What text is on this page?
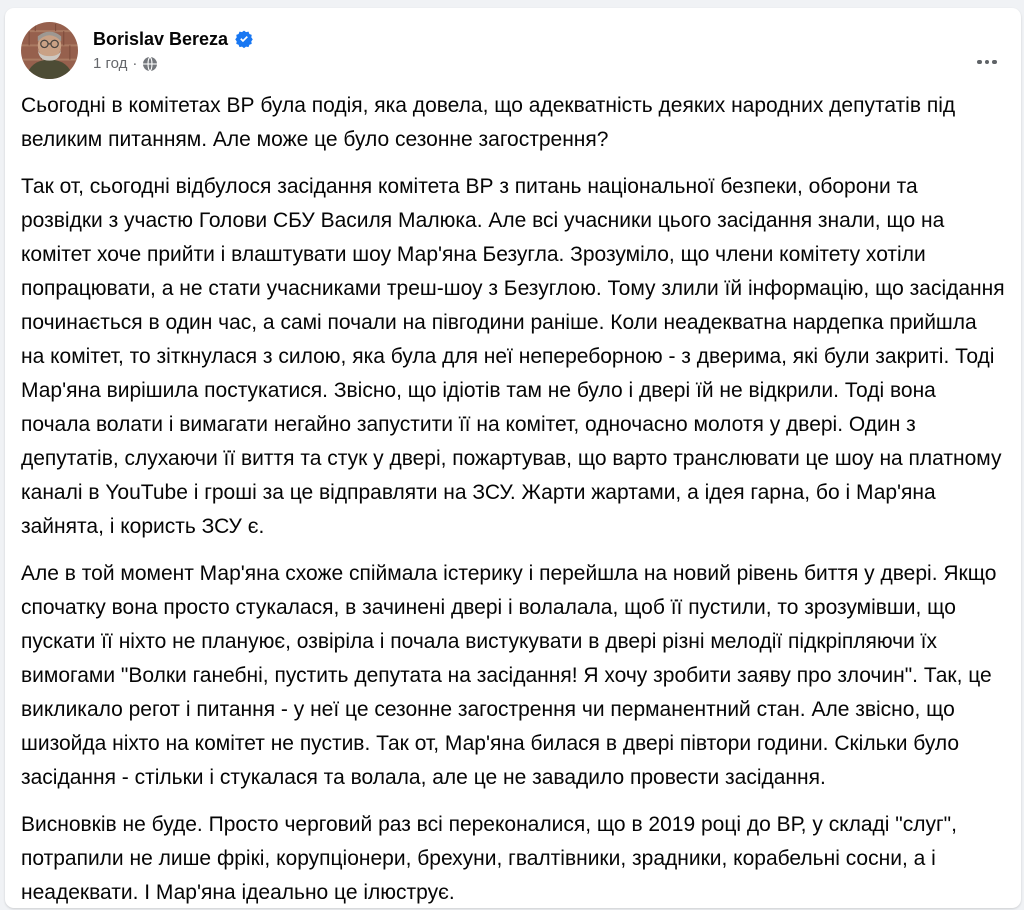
Borislav Bereza
1 год ·

Сьогодні в комітетах ВР була подія, яка довела, що адекватність деяких народних депутатів під великим питанням. Але може це було сезонне загострення?

Так от, сьогодні відбулося засідання комітета ВР з питань національної безпеки, оборони та розвідки з участю Голови СБУ Василя Малюка. Але всі учасники цього засідання знали, що на комітет хоче прийти і влаштувати шоу Мар'яна Безугла. Зрозуміло, що члени комітету хотіли попрацювати, а не стати учасниками треш-шоу з Безуглою. Тому злили їй інформацію, що засідання починається в один час, а самі почали на півгодини раніше. Коли неадекватна нардепка прийшла на комітет, то зіткнулася з силою, яка була для неї непереборною - з дверима, які були закриті. Тоді Мар'яна вирішила постукатися. Звісно, що ідіотів там не було і двері їй не відкрили. Тоді вона почала волати і вимагати негайно запустити її на комітет, одночасно молотя у двері. Один з депутатів, слухаючи її виття та стук у двері, пожартував, що варто транслювати це шоу на платному каналі в YouTube і гроші за це відправляти на ЗСУ. Жарти жартами, а ідея гарна, бо і Мар'яна зайнята, і користь ЗСУ є.

Але в той момент Мар'яна схоже спіймала істерику і перейшла на новий рівень биття у двері. Якщо спочатку вона просто стукалася, в зачинені двері і волалала, щоб її пустили, то зрозумівши, що пускати її ніхто не плануює, озвіріла і почала вистукувати в двері різні мелодії підкріпляючи їх вимогами "Волки ганебні, пустить депутата на засідання! Я хочу зробити заяву про злочин". Так, це викликало регот і питання - у неї це сезонне загострення чи перманентний стан. Але звісно, що шизойда ніхто на комітет не пустив. Так от, Мар'яна билася в двері півтори години. Скільки було засідання - стільки і стукалася та волала, але це не завадило провести засідання.

Висновків не буде. Просто черговий раз всі переконалися, що в 2019 році до ВР, у складі "слуг", потрапили не лише фрікі, корупціонери, брехуни, гвалтівники, зрадники, корабельні сосни, а і неадеквати. І Мар'яна ідеально це ілюструє.
